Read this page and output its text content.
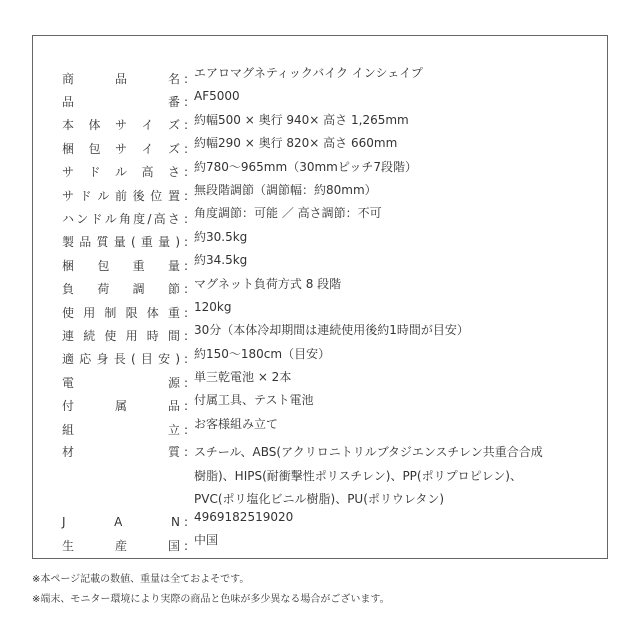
商	品	名 : エアロマグネティックバイク インシェイプ
品	番 : AF5000
本 体 サ イ ズ : 約幅500 × 奥行 940× 高さ 1,265mm
梱 包 サ イ ズ : 約幅290 × 奥行 820× 高さ 660mm
サ ド ル 高 さ : 約780～965mm（30mmピッチ7段階）
サ ド ル 前 後 位 置 : 無段階調節（調節幅：約80mm）
ハ ン ド ル 角 度 / 高 さ : 角度調節：可能 ／ 高さ調節：不可
製 品 質 量 ( 重 量 ) : 約30.5kg
梱 包 重 量 : 約34.5kg
負 荷 調 節 : マグネット負荷方式 8 段階
使 用 制 限 体 重 : 120kg
連 続 使 用 時 間 : 30分（本体冷却期間は連続使用後約1時間が目安）
適 応 身 長 ( 目 安 ) : 約150～180cm（目安）
電	源 : 単三乾電池 × 2本
付	属	品 : 付属工具、テスト電池
組	立 : お客様組み立て
材	質 : スチール、ABS(アクリロニトリルブタジエンスチレン共重合合成
樹脂)、HIPS(耐衝撃性ポリスチレン)、PP(ポリプロピレン)、
PVC(ポリ塩化ビニル樹脂)、PU(ポリウレタン)
J	A	N : 4969182519020
生	産	国 : 中国
※本ページ記載の数値、重量は全ておよそです。
※端末、モニター環境により実際の商品と色味が多少異なる場合がございます。
